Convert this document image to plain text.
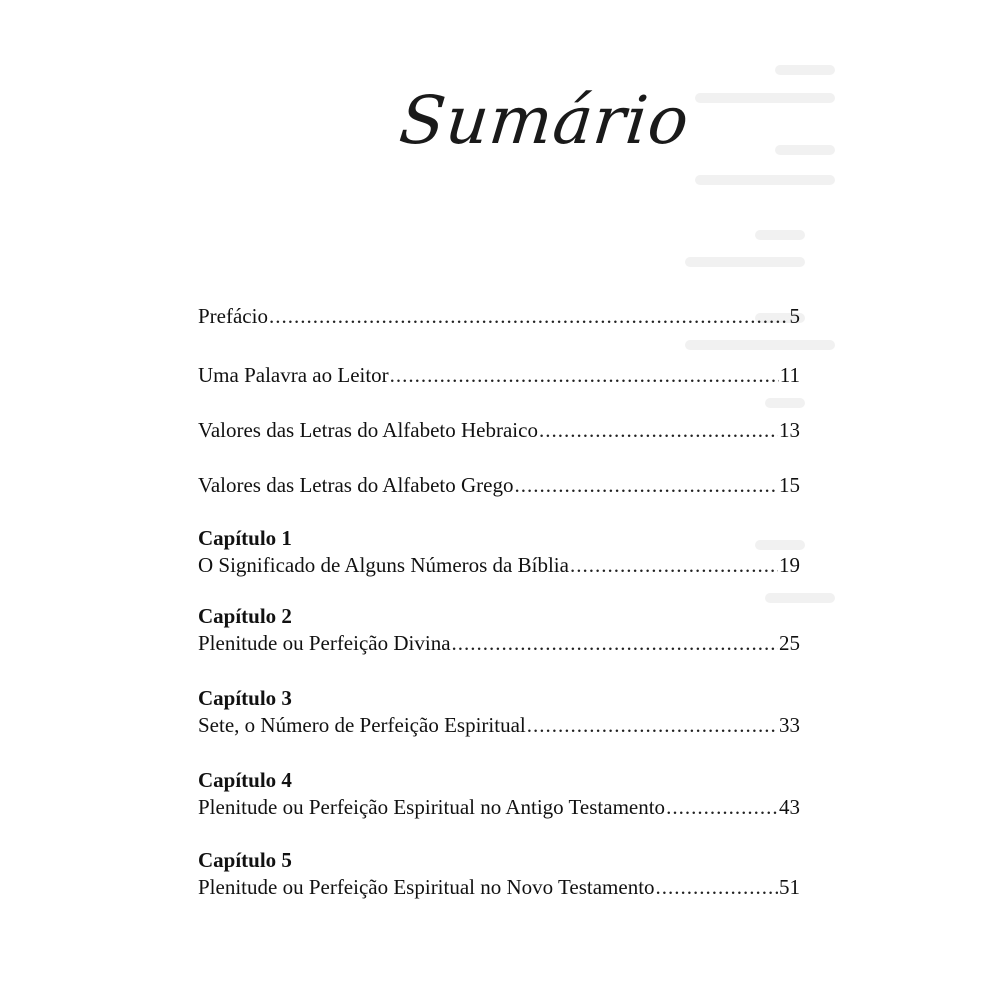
Sumário
Prefácio .....	5
Uma Palavra ao Leitor .....	11
Valores das Letras do Alfabeto Hebraico .....	13
Valores das Letras do Alfabeto Grego .....	15
Capítulo 1
O Significado de Alguns Números da Bíblia .....	19
Capítulo 2
Plenitude ou Perfeição Divina .....	25
Capítulo 3
Sete, o Número de Perfeição Espiritual .....	33
Capítulo 4
Plenitude ou Perfeição Espiritual no Antigo Testamento .....	43
Capítulo 5
Plenitude ou Perfeição Espiritual no Novo Testamento .....	51
